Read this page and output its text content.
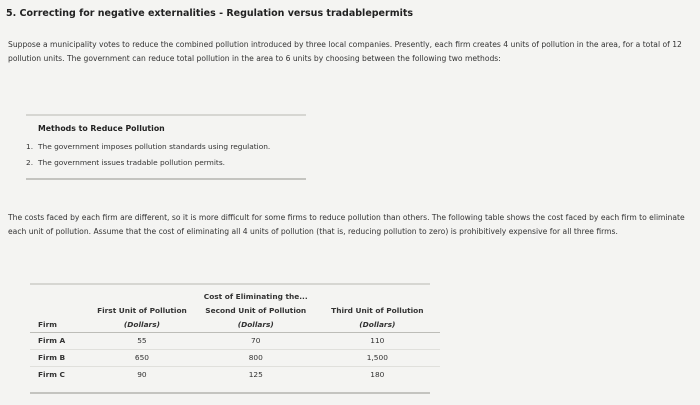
5. Correcting for negative externalities - Regulation versus tradablepermits

Suppose a municipality votes to reduce the combined pollution introduced by three local companies. Presently, each firm creates 4 units of pollution in the area, for a total of 12 pollution units. The government can reduce total pollution in the area to 6 units by choosing between the following two methods:

Methods to Reduce Pollution
1. The government imposes pollution standards using regulation.
2. The government issues tradable pollution permits.

The costs faced by each firm are different, so it is more difficult for some firms to reduce pollution than others. The following table shows the cost faced by each firm to eliminate each unit of pollution. Assume that the cost of eliminating all 4 units of pollution (that is, reducing pollution to zero) is prohibitively expensive for all three firms.

		Cost of Eliminating the...	
	First Unit of Pollution	Second Unit of Pollution	Third Unit of Pollution
Firm	(Dollars)	(Dollars)	(Dollars)
Firm A	55	70	110
Firm B	650	800	1,500
Firm C	90	125	180
